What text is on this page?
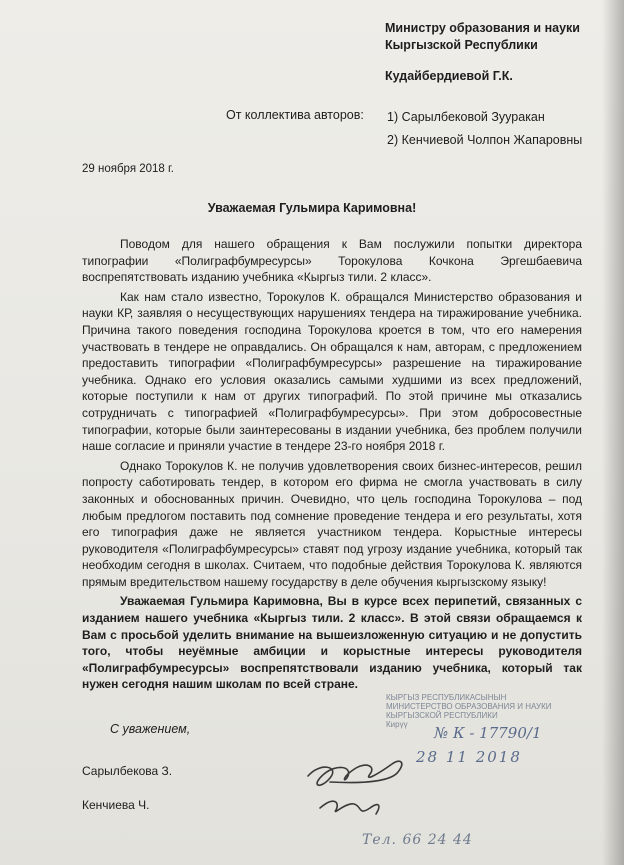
Министру образования и науки
Кыргызской Республики
Кудайбердиевой Г.К.
От коллектива авторов: 1) Сарылбековой Зууракан
2) Кенчиевой Чолпон Жапаровны
29 ноября 2018 г.
Уважаемая Гульмира Каримовна!

Поводом для нашего обращения к Вам послужили попытки директора типографии «Полиграфбумресурсы» Торокулова Кочкона Эргешбаевича воспрепятствовать изданию учебника «Кыргыз тили. 2 класс».

Как нам стало известно, Торокулов К. обращался Министерство образования и науки КР, заявляя о несуществующих нарушениях тендера на тиражирование учебника. Причина такого поведения господина Торокулова кроется в том, что его намерения участвовать в тендере не оправдались. Он обращался к нам, авторам, с предложением предоставить типографии «Полиграфбумресурсы» разрешение на тиражирование учебника. Однако его условия оказались самыми худшими из всех предложений, которые поступили к нам от других типографий. По этой причине мы отказались сотрудничать с типографией «Полиграфбумресурсы». При этом добросовестные типографии, которые были заинтересованы в издании учебника, без проблем получили наше согласие и приняли участие в тендере 23-го ноября 2018 г.

Однако Торокулов К. не получив удовлетворения своих бизнес-интересов, решил попросту саботировать тендер, в котором его фирма не смогла участвовать в силу законных и обоснованных причин. Очевидно, что цель господина Торокулова – под любым предлогом поставить под сомнение проведение тендера и его результаты, хотя его типография даже не является участником тендера. Корыстные интересы руководителя «Полиграфбумресурсы» ставят под угрозу издание учебника, который так необходим сегодня в школах. Считаем, что подобные действия Торокулова К. являются прямым вредительством нашему государству в деле обучения кыргызскому языку!

Уважаемая Гульмира Каримовна, Вы в курсе всех перипетий, связанных с изданием нашего учебника «Кыргыз тили. 2 класс». В этой связи обращаемся к Вам с просьбой уделить внимание на вышеизложенную ситуацию и не допустить того, чтобы неуёмные амбиции и корыстные интересы руководителя «Полиграфбумресурсы» воспрепятствовали изданию учебника, который так нужен сегодня нашим школам по всей стране.

КЫРГЫЗ РЕСПУБЛИКАСЫНЫН
МИНИСТЕРСТВО ОБРАЗОВАНИЯ И НАУКИ
КЫРГЫЗСКОЙ РЕСПУБЛИКИ
Кирүү	№ К - 17790/1
28 11 2018
С уважением,
Сарылбекова З.
Кенчиева Ч.
Тел. 66 24 44
